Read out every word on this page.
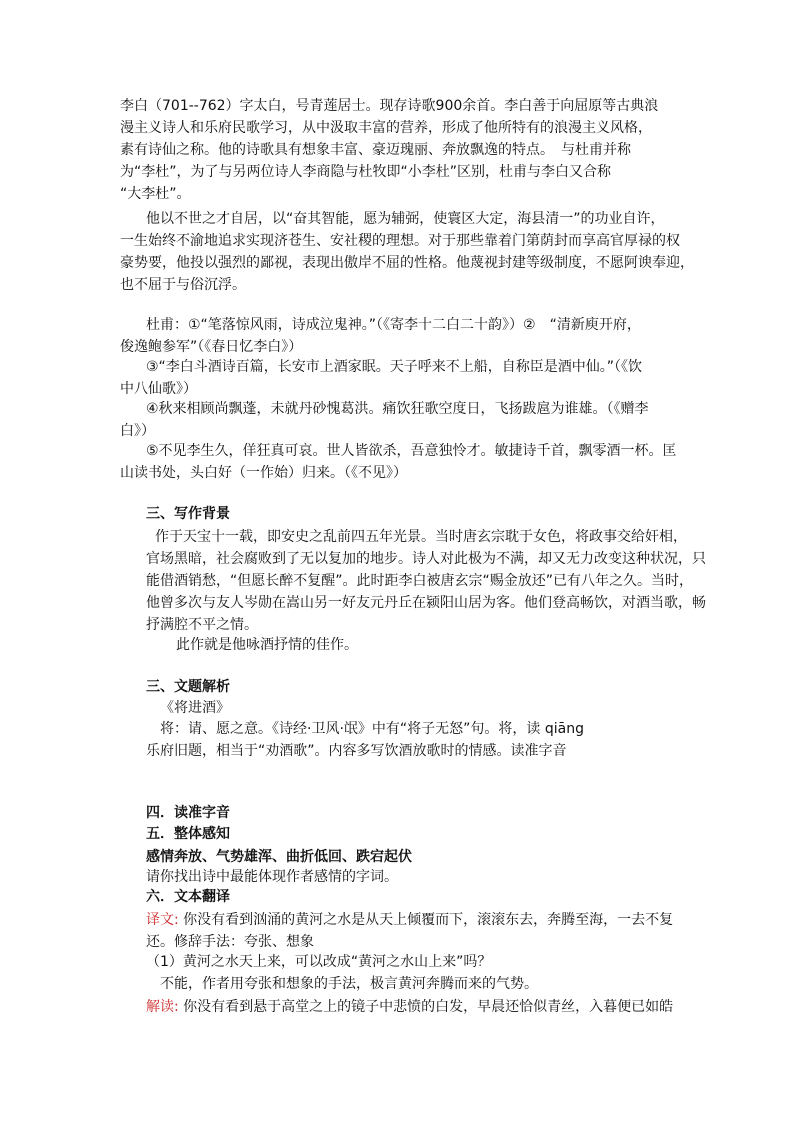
李白（701--762）字太白，号青莲居士。现存诗歌900余首。李白善于向屈原等古典浪
漫主义诗人和乐府民歌学习，从中汲取丰富的营养，形成了他所特有的浪漫主义风格，
素有诗仙之称。他的诗歌具有想象丰富、豪迈瑰丽、奔放飘逸的特点。　与杜甫并称
为“李杜”，为了与另两位诗人李商隐与杜牧即“小李杜”区别，杜甫与李白又合称
“大李杜”。
他以不世之才自居，以“奋其智能，愿为辅弼，使寰区大定，海县清一”的功业自许，
一生始终不渝地追求实现济苍生、安社稷的理想。对于那些靠着门第荫封而享高官厚禄的权
豪势要，他投以强烈的鄙视，表现出傲岸不屈的性格。他蔑视封建等级制度，不愿阿谀奉迎，
也不屈于与俗沉浮。
杜甫：①“笔落惊风雨，诗成泣鬼神。”（《寄李十二白二十韵》）②　“清新庾开府，
俊逸鲍参军”（《春日忆李白》）
③“李白斗酒诗百篇，长安市上酒家眠。天子呼来不上船，自称臣是酒中仙。”（《饮
中八仙歌》）
④秋来相顾尚飘蓬，未就丹砂愧葛洪。痛饮狂歌空度日，飞扬跋扈为谁雄。（《赠李
白》）
⑤不见李生久，佯狂真可哀。世人皆欲杀，吾意独怜才。敏捷诗千首，飘零酒一杯。匡
山读书处，头白好（一作始）归来。（《不见》）
三、写作背景
作于天宝十一载，即安史之乱前四五年光景。当时唐玄宗耽于女色，将政事交给奸相，
官场黑暗，社会腐败到了无以复加的地步。诗人对此极为不满，却又无力改变这种状况，只
能借酒销愁，“但愿长醉不复醒”。此时距李白被唐玄宗“赐金放还”已有八年之久。当时，
他曾多次与友人岑勋在嵩山另一好友元丹丘在颍阳山居为客。他们登高畅饮，对酒当歌，畅
抒满腔不平之情。
此作就是他咏酒抒情的佳作。
三、文题解析
《将进酒》
将：请、愿之意。《诗经·卫风·氓》中有“将子无怒”句。将，读 qiāng
乐府旧题，相当于“劝酒歌”。内容多写饮酒放歌时的情感。读准字音
四．读准字音
五．整体感知
感情奔放、气势雄浑、曲折低回、跌宕起伏
请你找出诗中最能体现作者感情的字词。
六．文本翻译
译文: 你没有看到汹涌的黄河之水是从天上倾覆而下，滚滚东去，奔腾至海，一去不复
还。修辞手法：夸张、想象
（1）黄河之水天上来，可以改成“黄河之水山上来”吗？
不能，作者用夸张和想象的手法，极言黄河奔腾而来的气势。
解读: 你没有看到悬于高堂之上的镜子中悲愤的白发，早晨还恰似青丝，入暮便已如皓
